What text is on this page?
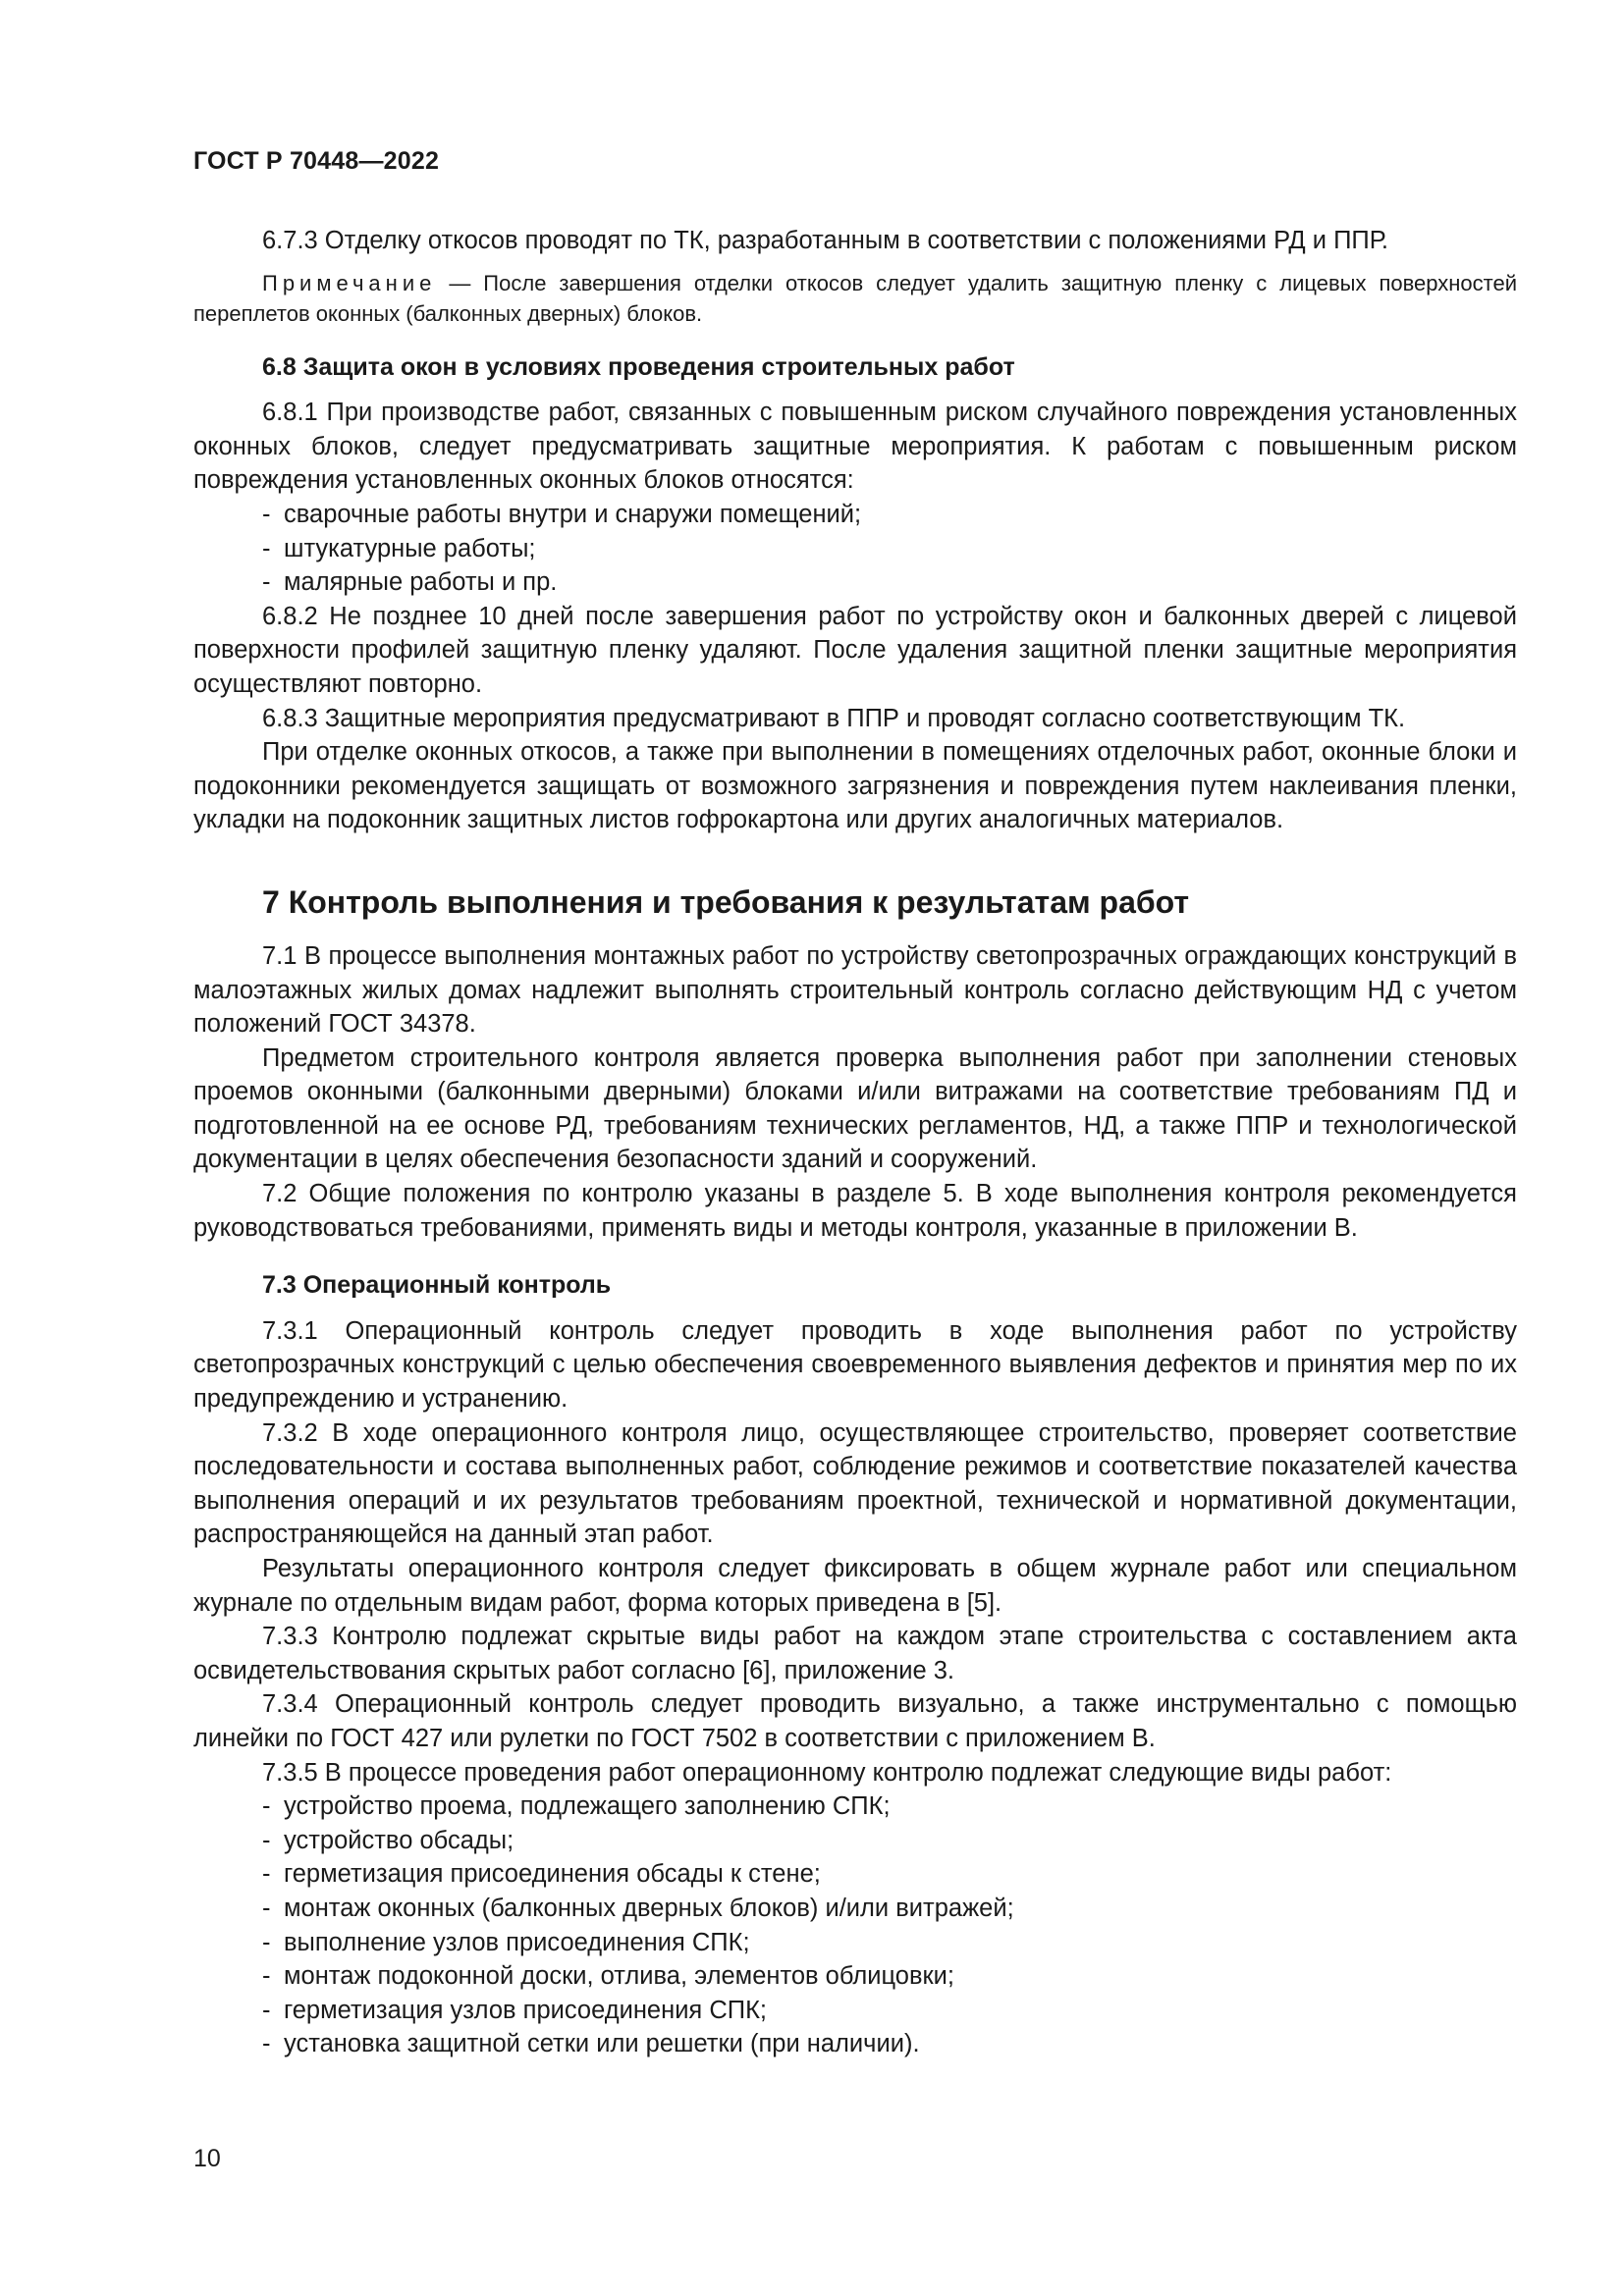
ГОСТ Р 70448—2022

6.7.3 Отделку откосов проводят по ТК, разработанным в соответствии с положениями РД и ППР.

Примечание — После завершения отделки откосов следует удалить защитную пленку с лицевых поверхностей переплетов оконных (балконных дверных) блоков.

6.8 Защита окон в условиях проведения строительных работ

6.8.1 При производстве работ, связанных с повышенным риском случайного повреждения установленных оконных блоков, следует предусматривать защитные мероприятия. К работам с повышенным риском повреждения установленных оконных блоков относятся:

- сварочные работы внутри и снаружи помещений;

- штукатурные работы;

- малярные работы и пр.

6.8.2 Не позднее 10 дней после завершения работ по устройству окон и балконных дверей с лицевой поверхности профилей защитную пленку удаляют. После удаления защитной пленки защитные мероприятия осуществляют повторно.

6.8.3 Защитные мероприятия предусматривают в ППР и проводят согласно соответствующим ТК.

При отделке оконных откосов, а также при выполнении в помещениях отделочных работ, оконные блоки и подоконники рекомендуется защищать от возможного загрязнения и повреждения путем наклеивания пленки, укладки на подоконник защитных листов гофрокартона или других аналогичных материалов.

7 Контроль выполнения и требования к результатам работ

7.1 В процессе выполнения монтажных работ по устройству светопрозрачных ограждающих конструкций в малоэтажных жилых домах надлежит выполнять строительный контроль согласно действующим НД с учетом положений ГОСТ 34378.

Предметом строительного контроля является проверка выполнения работ при заполнении стеновых проемов оконными (балконными дверными) блоками и/или витражами на соответствие требованиям ПД и подготовленной на ее основе РД, требованиям технических регламентов, НД, а также ППР и технологической документации в целях обеспечения безопасности зданий и сооружений.

7.2 Общие положения по контролю указаны в разделе 5. В ходе выполнения контроля рекомендуется руководствоваться требованиями, применять виды и методы контроля, указанные в приложении В.

7.3 Операционный контроль

7.3.1 Операционный контроль следует проводить в ходе выполнения работ по устройству светопрозрачных конструкций с целью обеспечения своевременного выявления дефектов и принятия мер по их предупреждению и устранению.

7.3.2 В ходе операционного контроля лицо, осуществляющее строительство, проверяет соответствие последовательности и состава выполненных работ, соблюдение режимов и соответствие показателей качества выполнения операций и их результатов требованиям проектной, технической и нормативной документации, распространяющейся на данный этап работ.

Результаты операционного контроля следует фиксировать в общем журнале работ или специальном журнале по отдельным видам работ, форма которых приведена в [5].

7.3.3 Контролю подлежат скрытые виды работ на каждом этапе строительства с составлением акта освидетельствования скрытых работ согласно [6], приложение 3.

7.3.4 Операционный контроль следует проводить визуально, а также инструментально с помощью линейки по ГОСТ 427 или рулетки по ГОСТ 7502 в соответствии с приложением В.

7.3.5 В процессе проведения работ операционному контролю подлежат следующие виды работ:

- устройство проема, подлежащего заполнению СПК;

- устройство обсады;

- герметизация присоединения обсады к стене;

- монтаж оконных (балконных дверных блоков) и/или витражей;

- выполнение узлов присоединения СПК;

- монтаж подоконной доски, отлива, элементов облицовки;

- герметизация узлов присоединения СПК;

- установка защитной сетки или решетки (при наличии).

10
